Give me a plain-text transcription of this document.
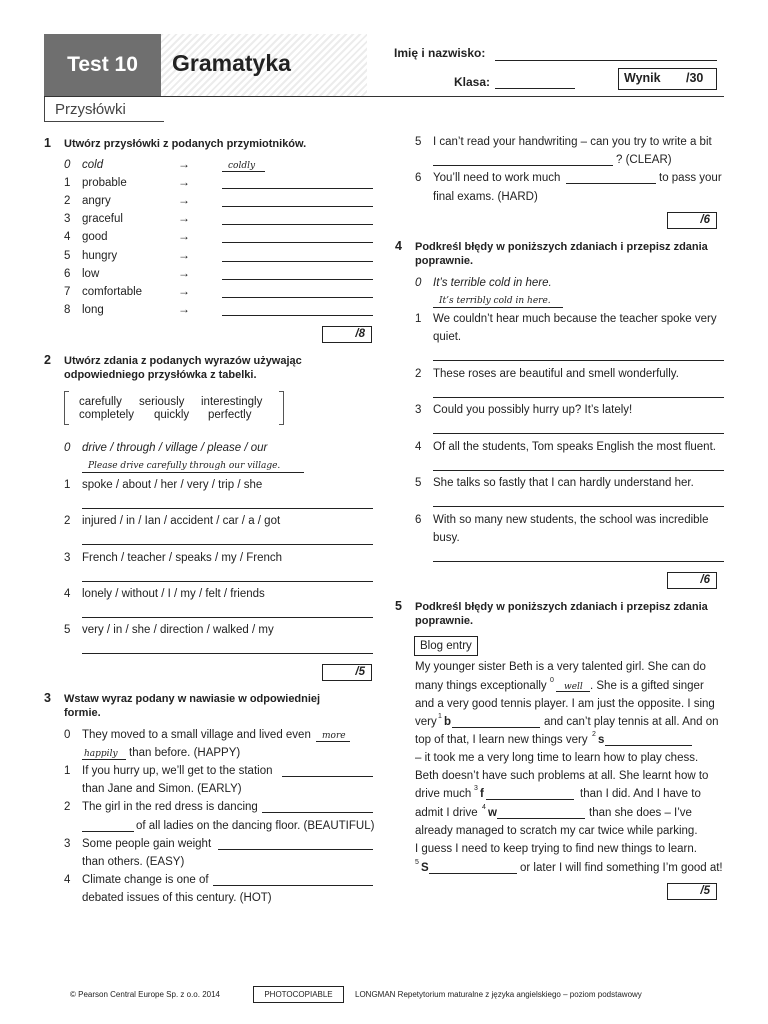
Test 10	Gramatyka	Imię i nazwisko:
Klasa:	Wynik /30
Przysłówki
1 Utwórz przysłówki z podanych przymiotników.
0 cold	→	coldly
1 probable	→
2 angry	→
3 graceful	→
4 good	→
5 hungry	→
6 low	→
7 comfortable	→
8 long	→
/8
2 Utwórz zdania z podanych wyrazów używając
odpowiedniego przysłówka z tabelki.
carefully seriously interestingly
completely quickly perfectly
0 drive / through / village / please / our
Please drive carefully through our village.
1 spoke / about / her / very / trip / she
2 injured / in / Ian / accident / car / a / got
3 French / teacher / speaks / my / French
4 lonely / without / I / my / felt / friends
5 very / in / she / direction / walked / my
/5
3 Wstaw wyraz podany w nawiasie w odpowiedniej
formie.
0 They moved to a small village and lived even more
happily than before. (HAPPY)
1 If you hurry up, we’ll get to the station
than Jane and Simon. (EARLY)
2 The girl in the red dress is dancing
of all ladies on the dancing floor. (BEAUTIFUL)
3 Some people gain weight
than others. (EASY)
4 Climate change is one of
debated issues of this century. (HOT)
5 I can’t read your handwriting – can you try to write a bit
? (CLEAR)
6 You’ll need to work much	to pass your
final exams. (HARD)
/6
4 Podkreśl błędy w poniższych zdaniach i przepisz zdania
poprawnie.
0 It’s terrible cold in here.
It’s terribly cold in here.
1 We couldn’t hear much because the teacher spoke very
quiet.
2 These roses are beautiful and smell wonderfully.
3 Could you possibly hurry up? It’s lately!
4 Of all the students, Tom speaks English the most fluent.
5 She talks so fastly that I can hardly understand her.
6 With so many new students, the school was incredible
busy.
/6
5 Podkreśl błędy w poniższych zdaniach i przepisz zdania
poprawnie.
Blog entry
My younger sister Beth is a very talented girl. She can do
many things exceptionally 0
well . She is a gifted singer
and a very good tennis player. I am just the opposite. I sing
very 1 b	and can’t play tennis at all. And on
top of that, I learn new things very 2 s
– it took me a very long time to learn how to play chess.
Beth doesn’t have such problems at all. She learnt how to
drive much 3 f	than I did. And I have to
admit I drive 4 w	than she does – I’ve
already managed to scratch my car twice while parking.
I guess I need to keep trying to find new things to learn.
5 S	or later I will find something I’m good at!
/5
© Pearson Central Europe Sp. z o.o. 2014	PHOTOCOPIABLE	LONGMAN Repetytorium maturalne z języka angielskiego – poziom podstawowy
